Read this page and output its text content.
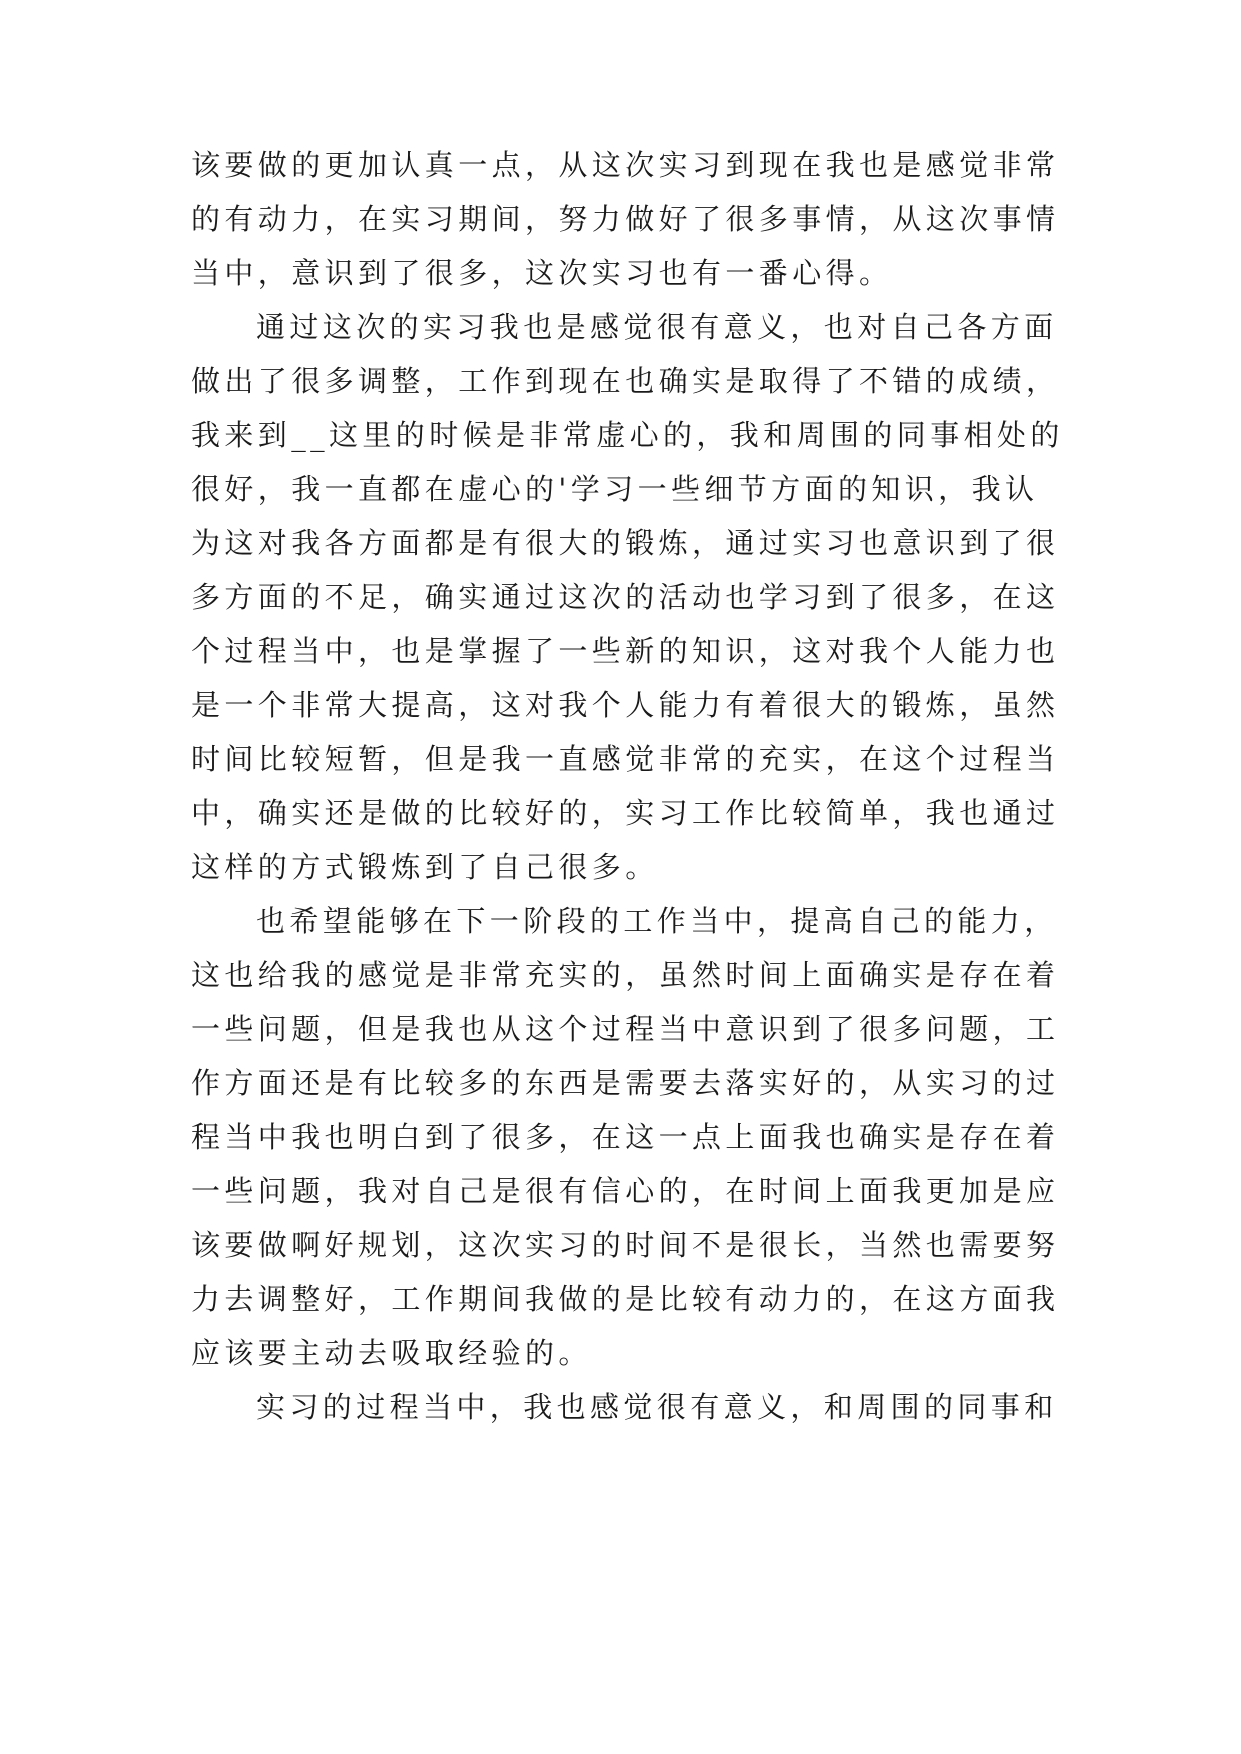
该要做的更加认真一点，从这次实习到现在我也是感觉非常
的有动力，在实习期间，努力做好了很多事情，从这次事情
当中，意识到了很多，这次实习也有一番心得。
通过这次的实习我也是感觉很有意义，也对自己各方面
做出了很多调整，工作到现在也确实是取得了不错的成绩，
我来到__这里的时候是非常虚心的，我和周围的同事相处的
很好，我一直都在虚心的'学习一些细节方面的知识，我认
为这对我各方面都是有很大的锻炼，通过实习也意识到了很
多方面的不足，确实通过这次的活动也学习到了很多，在这
个过程当中，也是掌握了一些新的知识，这对我个人能力也
是一个非常大提高，这对我个人能力有着很大的锻炼，虽然
时间比较短暂，但是我一直感觉非常的充实，在这个过程当
中，确实还是做的比较好的，实习工作比较简单，我也通过
这样的方式锻炼到了自己很多。
也希望能够在下一阶段的工作当中，提高自己的能力，
这也给我的感觉是非常充实的，虽然时间上面确实是存在着
一些问题，但是我也从这个过程当中意识到了很多问题，工
作方面还是有比较多的东西是需要去落实好的，从实习的过
程当中我也明白到了很多，在这一点上面我也确实是存在着
一些问题，我对自己是很有信心的，在时间上面我更加是应
该要做啊好规划，这次实习的时间不是很长，当然也需要努
力去调整好，工作期间我做的是比较有动力的，在这方面我
应该要主动去吸取经验的。
实习的过程当中，我也感觉很有意义，和周围的同事和
